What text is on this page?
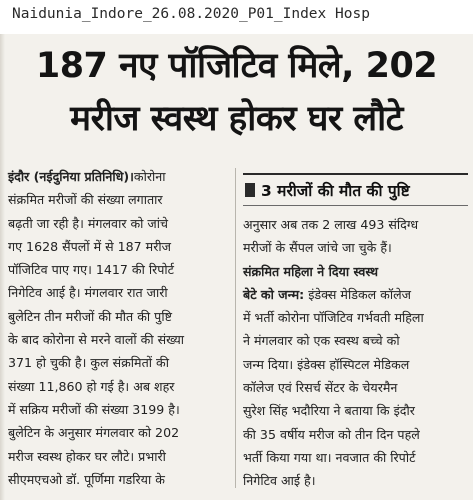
Naidunia_Indore_26.08.2020_P01_Index Hosp
187 नए पॉजिटिव मिले, 202
मरीज स्वस्थ होकर घर लौटे
इंदौर (नईदुनिया प्रतिनिधि)।कोरोना
संक्रमित मरीजों की संख्या लगातार
बढ़ती जा रही है। मंगलवार को जांचे
गए 1628 सैंपलों में से 187 मरीज
पॉजिटिव पाए गए। 1417 की रिपोर्ट
निगेटिव आई है। मंगलवार रात जारी
बुलेटिन तीन मरीजों की मौत की पुष्टि
के बाद कोरोना से मरने वालों की संख्या
371 हो चुकी है। कुल संक्रमितों की
संख्या 11,860 हो गई है। अब शहर
में सक्रिय मरीजों की संख्या 3199 है।
बुलेटिन के अनुसार मंगलवार को 202
मरीज स्वस्थ होकर घर लौटे। प्रभारी
सीएमएचओ डॉ. पूर्णिमा गडरिया के
3 मरीजों की मौत की पुष्टि
अनुसार अब तक 2 लाख 493 संदिग्ध
मरीजों के सैंपल जांचे जा चुके हैं।
संक्रमित महिला ने दिया स्वस्थ
बेटे को जन्म: इंडेक्स मेडिकल कॉलेज
में भर्ती कोरोना पॉजिटिव गर्भवती महिला
ने मंगलवार को एक स्वस्थ बच्चे को
जन्म दिया। इंडेक्स हॉस्पिटल मेडिकल
कॉलेज एवं रिसर्च सेंटर के चेयरमैन
सुरेश सिंह भदौरिया ने बताया कि इंदौर
की 35 वर्षीय मरीज को तीन दिन पहले
भर्ती किया गया था। नवजात की रिपोर्ट
निगेटिव आई है।
